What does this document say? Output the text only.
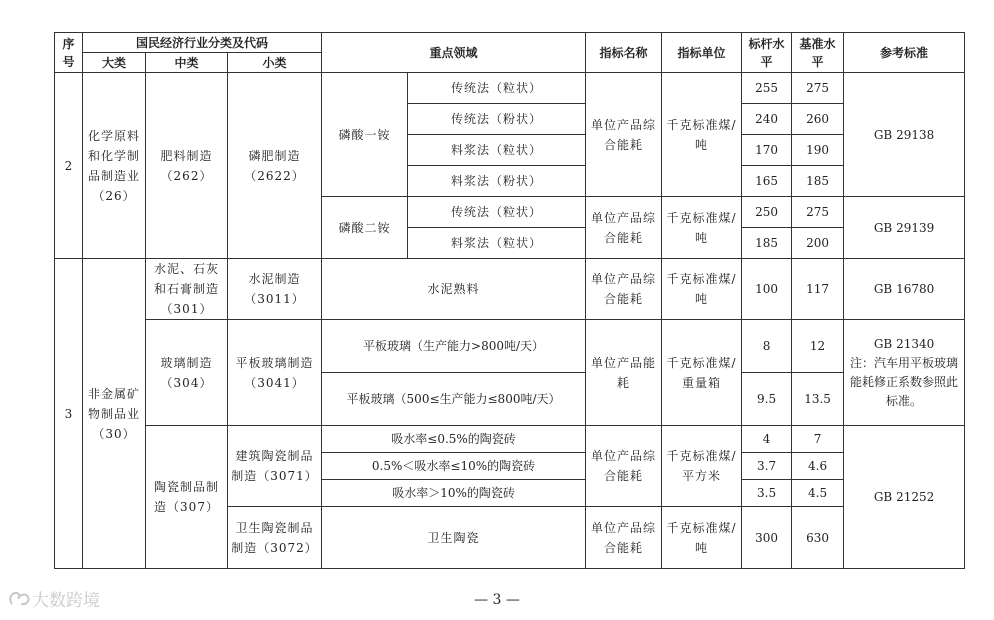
序号	国民经济行业分类及代码			重点领域		指标名称	指标单位	标杆水平	基准水平	参考标准
	大类	中类	小类							
2	化学原料和化学制品制造业（26）	肥料制造（262）	磷肥制造（2622）	磷酸一铵	传统法（粒状）	单位产品综合能耗	千克标准煤/吨	255	275	GB 29138
					传统法（粉状）			240	260	
					料浆法（粒状）			170	190	
					料浆法（粉状）			165	185	
				磷酸二铵	传统法（粒状）	单位产品综合能耗	千克标准煤/吨	250	275	GB 29139
					料浆法（粒状）			185	200	
3	非金属矿物制品业（30）	水泥、石灰和石膏制造（301）	水泥制造（3011）	水泥熟料		单位产品综合能耗	千克标准煤/吨	100	117	GB 16780
		玻璃制造（304）	平板玻璃制造（3041）	平板玻璃（生产能力>800吨/天）		单位产品能耗	千克标准煤/重量箱	8	12	GB 21340
注：汽车用平板玻璃能耗修正系数参照此标准。

				平板玻璃（500≤生产能力≤800吨/天）				9.5	13.5	
		陶瓷制品制造（307）	建筑陶瓷制品制造（3071）	吸水率≤0.5%的陶瓷砖		单位产品综合能耗	千克标准煤/平方米	4	7	GB 21252
				0.5%＜吸水率≤10%的陶瓷砖				3.7	4.6	
				吸水率＞10%的陶瓷砖				3.5	4.5	
			卫生陶瓷制品制造（3072）	卫生陶瓷		单位产品综合能耗	千克标准煤/吨	300	630	
大数跨境	— 3 —
